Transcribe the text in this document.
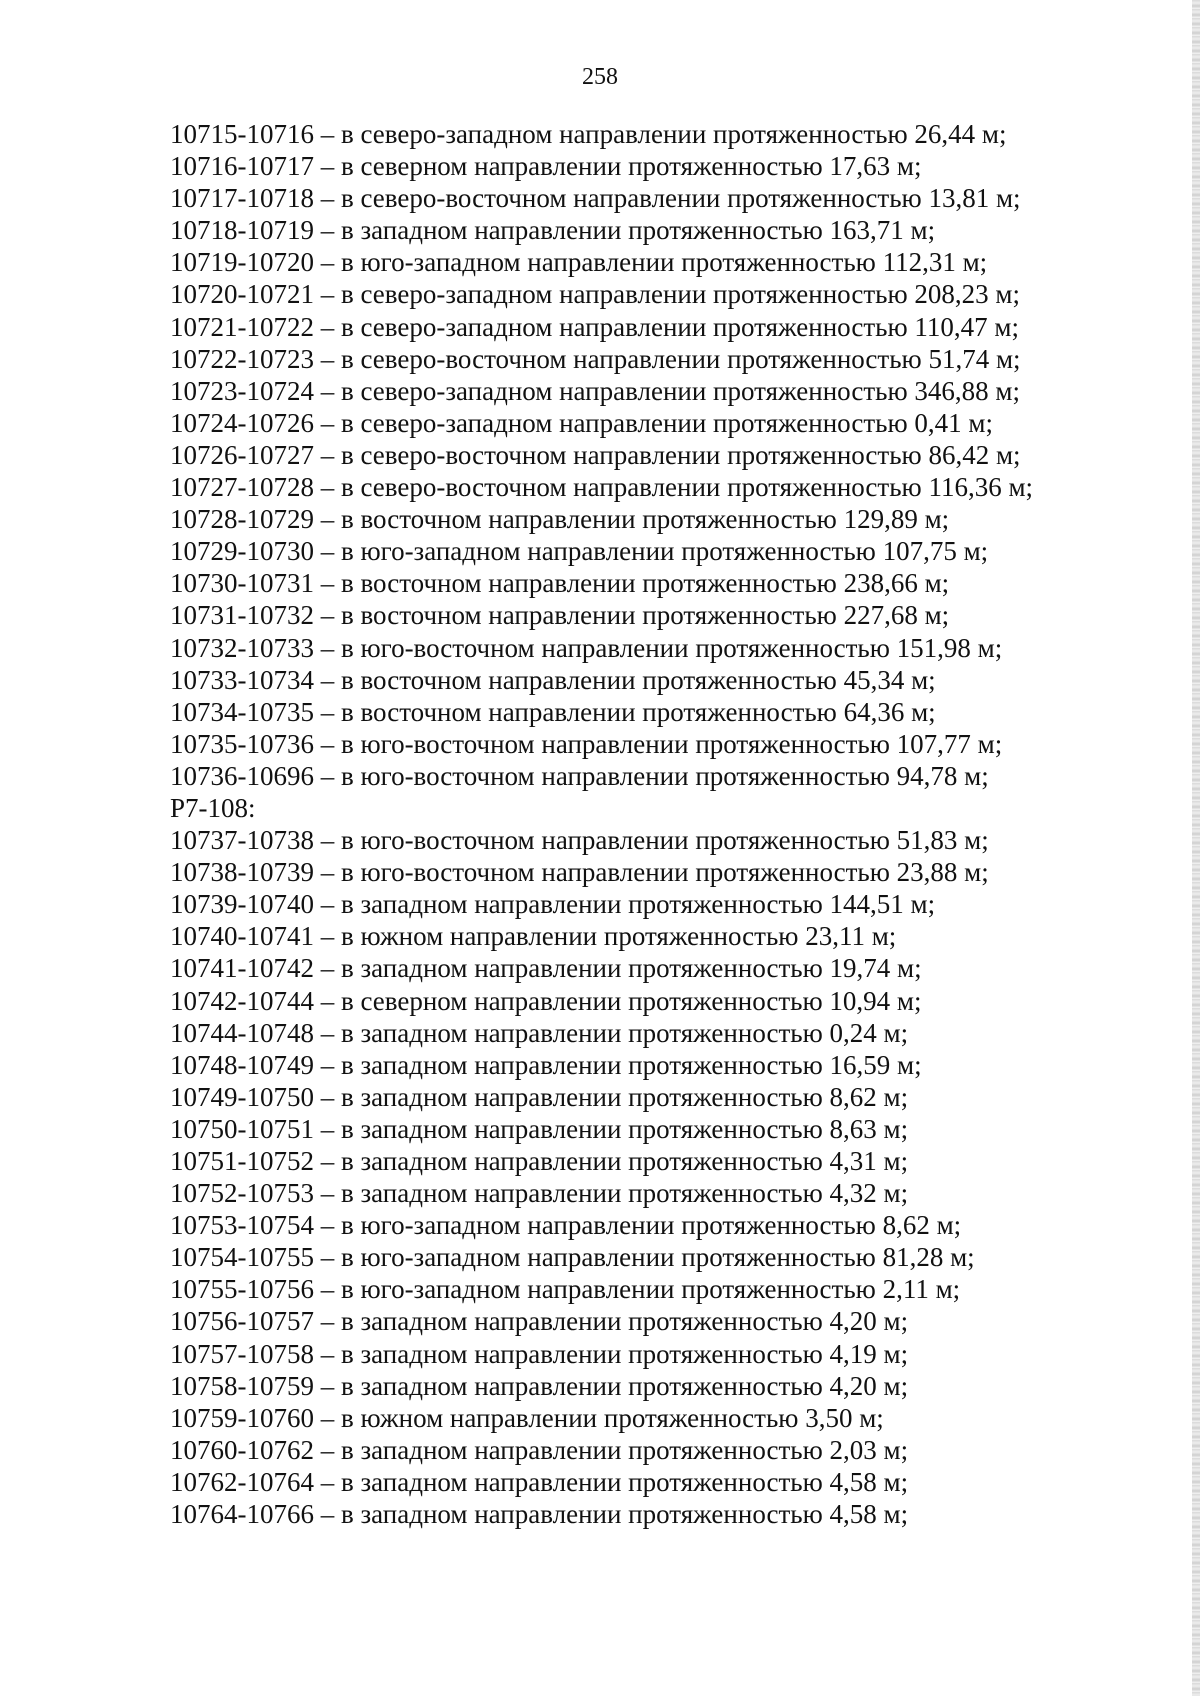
258
10715-10716 – в северо-западном направлении протяженностью 26,44 м;
10716-10717 – в северном направлении протяженностью 17,63 м;
10717-10718 – в северо-восточном направлении протяженностью 13,81 м;
10718-10719 – в западном направлении протяженностью 163,71 м;
10719-10720 – в юго-западном направлении протяженностью 112,31 м;
10720-10721 – в северо-западном направлении протяженностью 208,23 м;
10721-10722 – в северо-западном направлении протяженностью 110,47 м;
10722-10723 – в северо-восточном направлении протяженностью 51,74 м;
10723-10724 – в северо-западном направлении протяженностью 346,88 м;
10724-10726 – в северо-западном направлении протяженностью 0,41 м;
10726-10727 – в северо-восточном направлении протяженностью 86,42 м;
10727-10728 – в северо-восточном направлении протяженностью 116,36 м;
10728-10729 – в восточном направлении протяженностью 129,89 м;
10729-10730 – в юго-западном направлении протяженностью 107,75 м;
10730-10731 – в восточном направлении протяженностью 238,66 м;
10731-10732 – в восточном направлении протяженностью 227,68 м;
10732-10733 – в юго-восточном направлении протяженностью 151,98 м;
10733-10734 – в восточном направлении протяженностью 45,34 м;
10734-10735 – в восточном направлении протяженностью 64,36 м;
10735-10736 – в юго-восточном направлении протяженностью 107,77 м;
10736-10696 – в юго-восточном направлении протяженностью 94,78 м;
Р7-108:
10737-10738 – в юго-восточном направлении протяженностью 51,83 м;
10738-10739 – в юго-восточном направлении протяженностью 23,88 м;
10739-10740 – в западном направлении протяженностью 144,51 м;
10740-10741 – в южном направлении протяженностью 23,11 м;
10741-10742 – в западном направлении протяженностью 19,74 м;
10742-10744 – в северном направлении протяженностью 10,94 м;
10744-10748 – в западном направлении протяженностью 0,24 м;
10748-10749 – в западном направлении протяженностью 16,59 м;
10749-10750 – в западном направлении протяженностью 8,62 м;
10750-10751 – в западном направлении протяженностью 8,63 м;
10751-10752 – в западном направлении протяженностью 4,31 м;
10752-10753 – в западном направлении протяженностью 4,32 м;
10753-10754 – в юго-западном направлении протяженностью 8,62 м;
10754-10755 – в юго-западном направлении протяженностью 81,28 м;
10755-10756 – в юго-западном направлении протяженностью 2,11 м;
10756-10757 – в западном направлении протяженностью 4,20 м;
10757-10758 – в западном направлении протяженностью 4,19 м;
10758-10759 – в западном направлении протяженностью 4,20 м;
10759-10760 – в южном направлении протяженностью 3,50 м;
10760-10762 – в западном направлении протяженностью 2,03 м;
10762-10764 – в западном направлении протяженностью 4,58 м;
10764-10766 – в западном направлении протяженностью 4,58 м;
